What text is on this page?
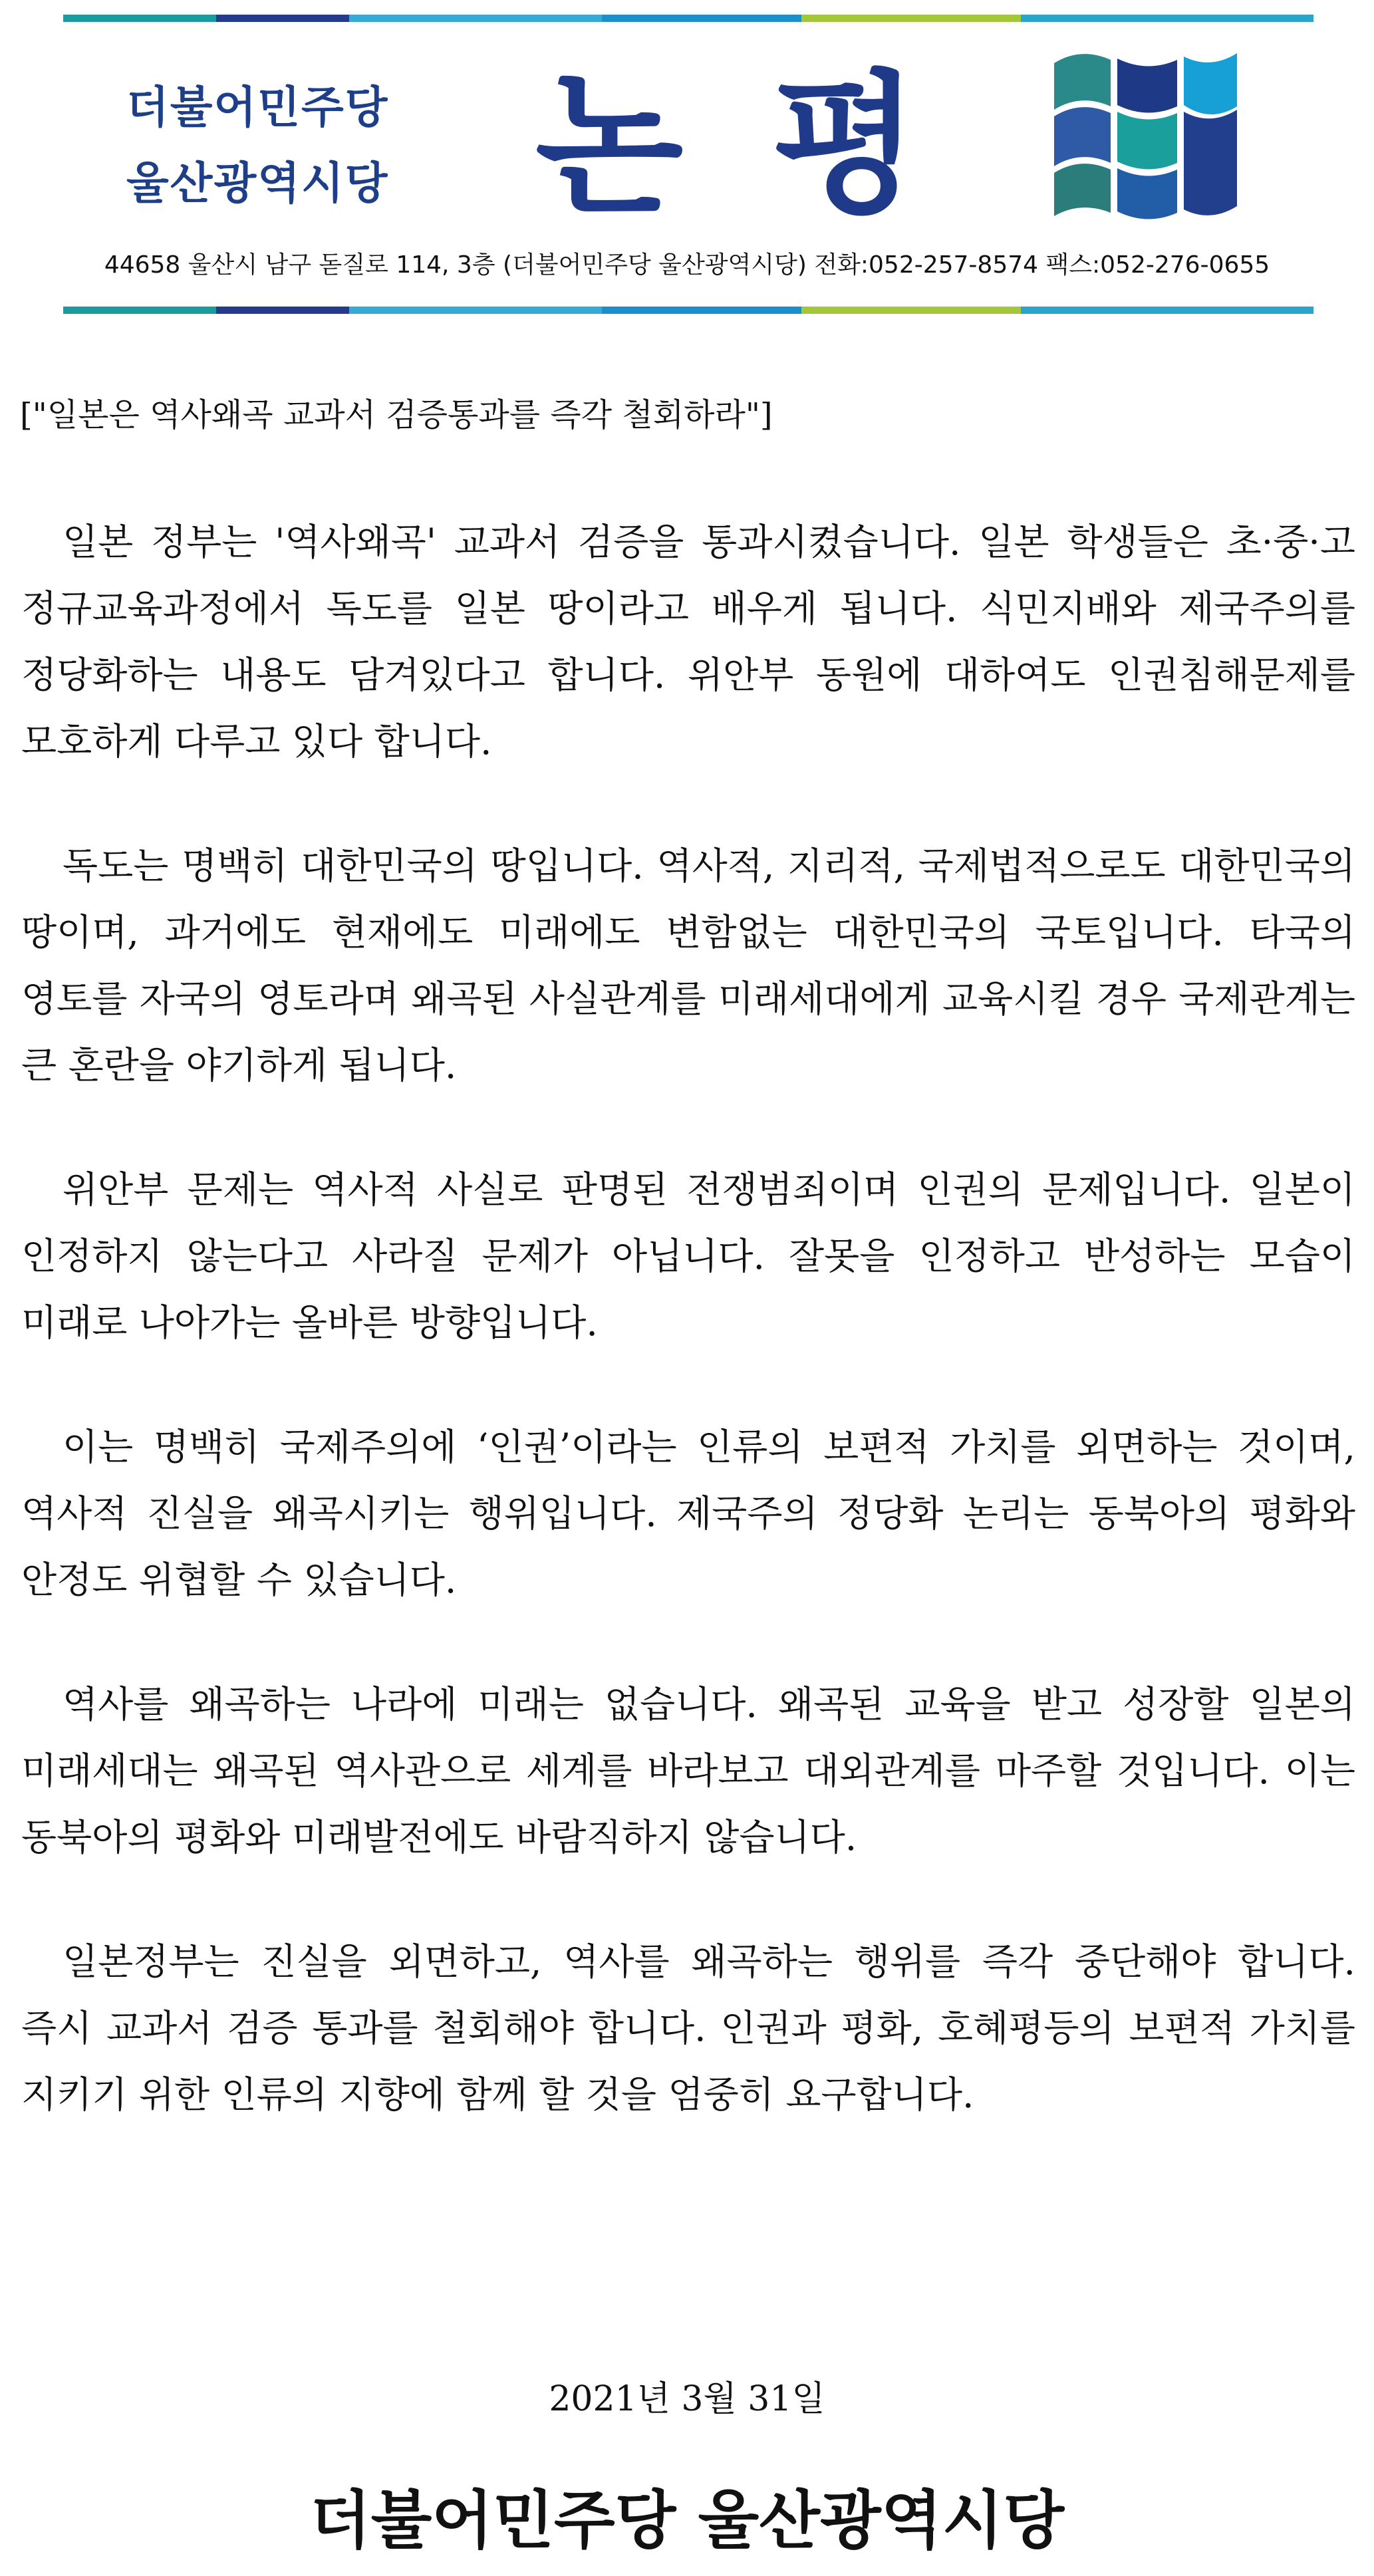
더불어민주당
울산광역시당 논 평
44658 울산시 남구 돋질로 114, 3층 (더불어민주당 울산광역시당) 전화:052-257-8574 팩스:052-276-0655
["일본은 역사왜곡 교과서 검증통과를 즉각 철회하라"]

일본 정부는 '역사왜곡' 교과서 검증을 통과시켰습니다. 일본 학생들은 초·중·고 정규교육과정에서 독도를 일본 땅이라고 배우게 됩니다. 식민지배와 제국주의를 정당화하는 내용도 담겨있다고 합니다. 위안부 동원에 대하여도 인권침해문제를 모호하게 다루고 있다 합니다.

독도는 명백히 대한민국의 땅입니다. 역사적, 지리적, 국제법적으로도 대한민국의 땅이며, 과거에도 현재에도 미래에도 변함없는 대한민국의 국토입니다. 타국의 영토를 자국의 영토라며 왜곡된 사실관계를 미래세대에게 교육시킬 경우 국제관계는 큰 혼란을 야기하게 됩니다.

위안부 문제는 역사적 사실로 판명된 전쟁범죄이며 인권의 문제입니다. 일본이 인정하지 않는다고 사라질 문제가 아닙니다. 잘못을 인정하고 반성하는 모습이 미래로 나아가는 올바른 방향입니다.

이는 명백히 국제주의에 ‘인권’이라는 인류의 보편적 가치를 외면하는 것이며, 역사적 진실을 왜곡시키는 행위입니다. 제국주의 정당화 논리는 동북아의 평화와 안정도 위협할 수 있습니다.

역사를 왜곡하는 나라에 미래는 없습니다. 왜곡된 교육을 받고 성장할 일본의 미래세대는 왜곡된 역사관으로 세계를 바라보고 대외관계를 마주할 것입니다. 이는 동북아의 평화와 미래발전에도 바람직하지 않습니다.

일본정부는 진실을 외면하고, 역사를 왜곡하는 행위를 즉각 중단해야 합니다. 즉시 교과서 검증 통과를 철회해야 합니다. 인권과 평화, 호혜평등의 보편적 가치를 지키기 위한 인류의 지향에 함께 할 것을 엄중히 요구합니다.

2021년 3월 31일
더불어민주당 울산광역시당
